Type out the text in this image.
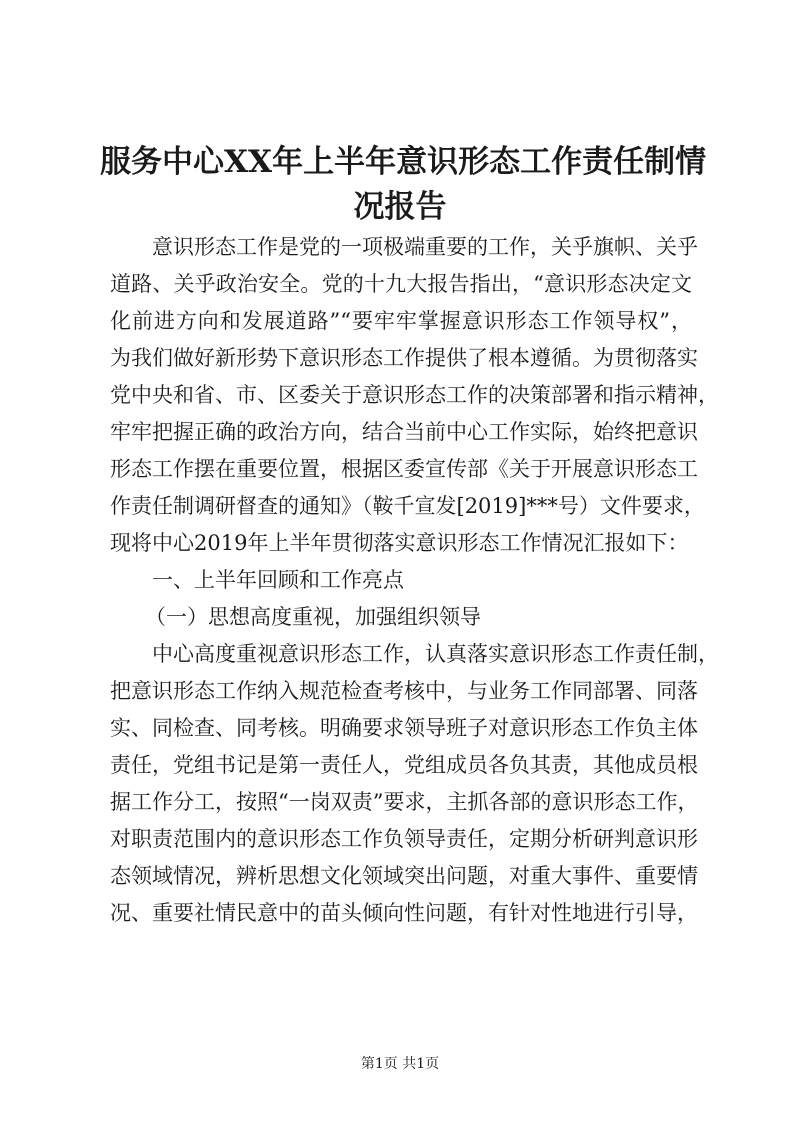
服务中心XX年上半年意识形态工作责任制情
况报告

意识形态工作是党的一项极端重要的工作，关乎旗帜、关乎

道路、关乎政治安全。党的十九大报告指出，“意识形态决定文

化前进方向和发展道路”“要牢牢掌握意识形态工作领导权”，

为我们做好新形势下意识形态工作提供了根本遵循。为贯彻落实

党中央和省、市、区委关于意识形态工作的决策部署和指示精神，

牢牢把握正确的政治方向，结合当前中心工作实际，始终把意识

形态工作摆在重要位置，根据区委宣传部《关于开展意识形态工

作责任制调研督查的通知》（鞍千宣发[2019]***号）文件要求，

现将中心2019年上半年贯彻落实意识形态工作情况汇报如下：

一、上半年回顾和工作亮点

（一）思想高度重视，加强组织领导

中心高度重视意识形态工作，认真落实意识形态工作责任制，

把意识形态工作纳入规范检查考核中，与业务工作同部署、同落

实、同检查、同考核。明确要求领导班子对意识形态工作负主体

责任，党组书记是第一责任人，党组成员各负其责，其他成员根

据工作分工，按照“一岗双责”要求，主抓各部的意识形态工作，

对职责范围内的意识形态工作负领导责任，定期分析研判意识形

态领域情况，辨析思想文化领域突出问题，对重大事件、重要情

况、重要社情民意中的苗头倾向性问题，有针对性地进行引导，

第1页 共1页
